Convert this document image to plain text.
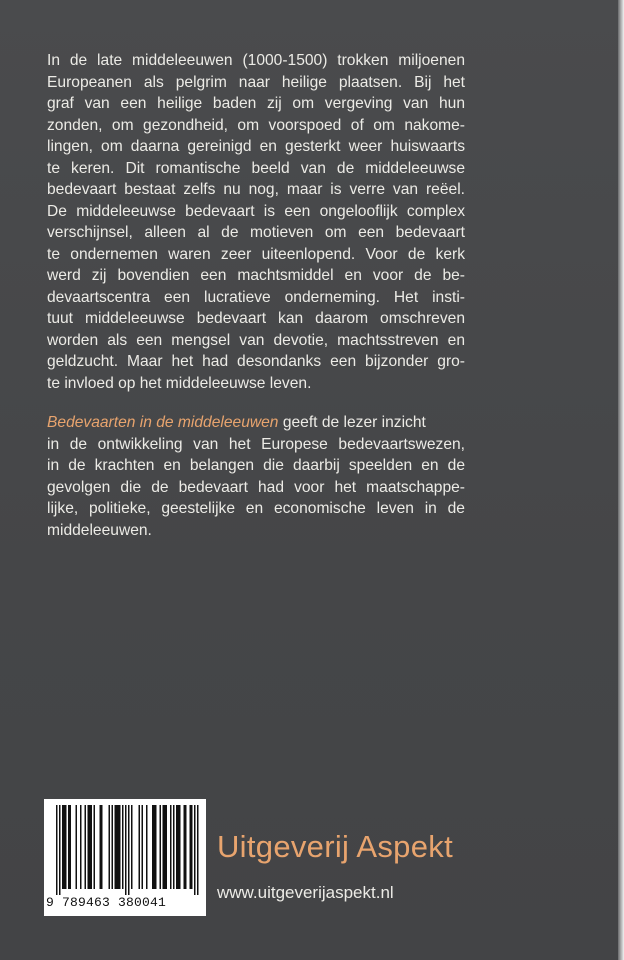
In de late middeleeuwen (1000-1500) trokken miljoenen
Europeanen als pelgrim naar heilige plaatsen. Bij het
graf van een heilige baden zij om vergeving van hun
zonden, om gezondheid, om voorspoed of om nakome-
lingen, om daarna gereinigd en gesterkt weer huiswaarts
te keren. Dit romantische beeld van de middeleeuwse
bedevaart bestaat zelfs nu nog, maar is verre van reëel.
De middeleeuwse bedevaart is een ongelooflijk complex
verschijnsel, alleen al de motieven om een bedevaart
te ondernemen waren zeer uiteenlopend. Voor de kerk
werd zij bovendien een machtsmiddel en voor de be-
devaartscentra een lucratieve onderneming. Het insti-
tuut middeleeuwse bedevaart kan daarom omschreven
worden als een mengsel van devotie, machtsstreven en
geldzucht. Maar het had desondanks een bijzonder gro-
te invloed op het middeleeuwse leven.

Bedevaarten in de middeleeuwen geeft de lezer inzicht
in de ontwikkeling van het Europese bedevaartswezen,
in de krachten en belangen die daarbij speelden en de
gevolgen die de bedevaart had voor het maatschappe-
lijke, politieke, geestelijke en economische leven in de
middeleeuwen.

9 789463 380041
Uitgeverij Aspekt
www.uitgeverijaspekt.nl
